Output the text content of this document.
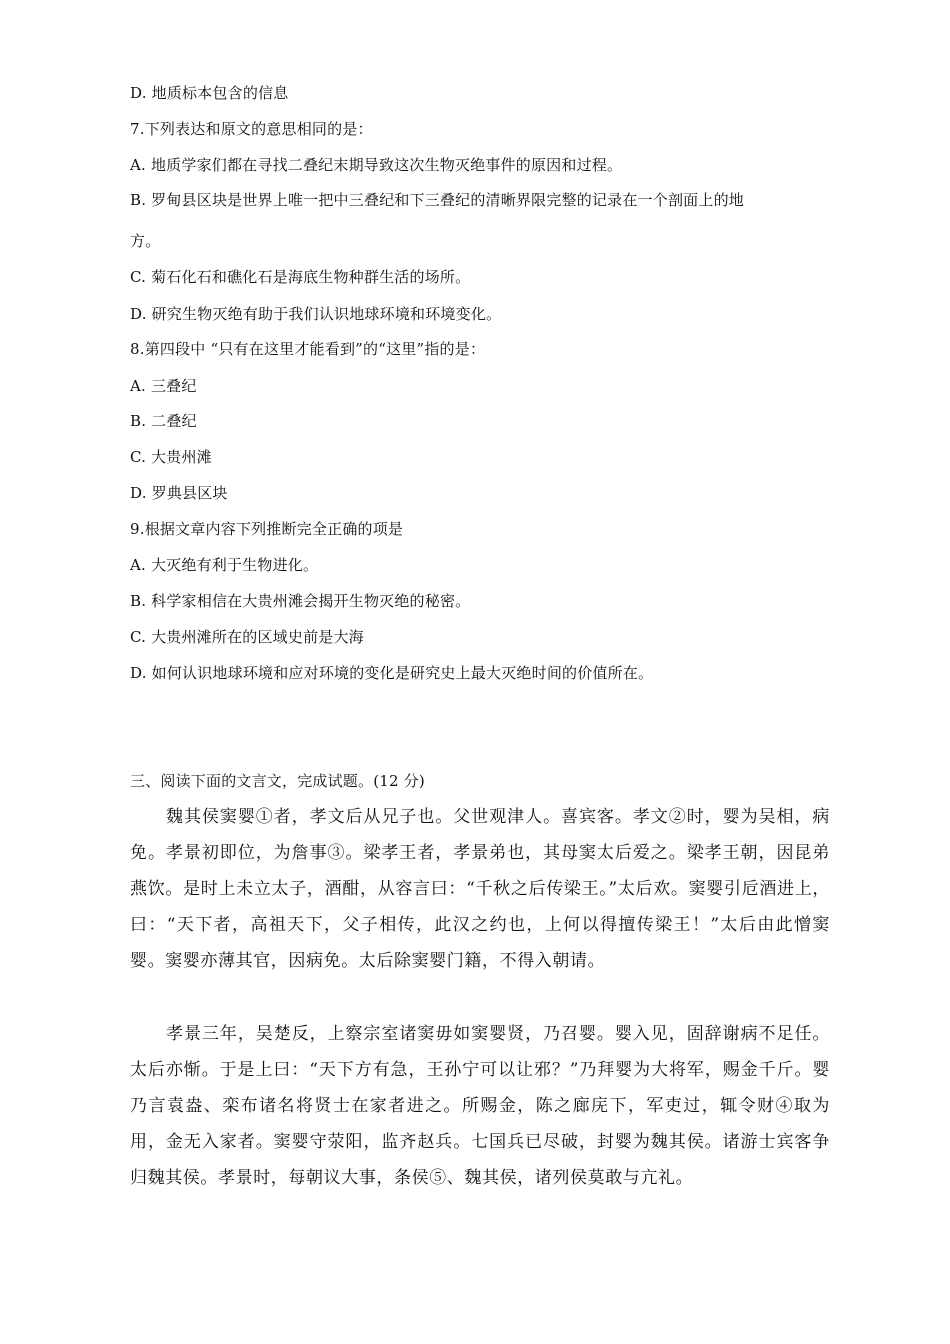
D. 地质标本包含的信息
7.下列表达和原文的意思相同的是：
A. 地质学家们都在寻找二叠纪末期导致这次生物灭绝事件的原因和过程。
B. 罗甸县区块是世界上唯一把中三叠纪和下三叠纪的清晰界限完整的记录在一个剖面上的地
方。
C. 菊石化石和礁化石是海底生物种群生活的场所。
D. 研究生物灭绝有助于我们认识地球环境和环境变化。
8.第四段中 “只有在这里才能看到”的“这里”指的是：
A. 三叠纪
B. 二叠纪
C. 大贵州滩
D. 罗典县区块
9.根据文章内容下列推断完全正确的项是
A. 大灭绝有利于生物进化。
B. 科学家相信在大贵州滩会揭开生物灭绝的秘密。
C. 大贵州滩所在的区域史前是大海
D. 如何认识地球环境和应对环境的变化是研究史上最大灭绝时间的价值所在。
三、阅读下面的文言文，完成试题。(12 分)
魏其侯窦婴①者，孝文后从兄子也。父世观津人。喜宾客。孝文②时，婴为吴相，病免。孝景初即位，为詹事③。梁孝王者，孝景弟也，其母窦太后爱之。梁孝王朝，因昆弟燕饮。是时上未立太子，酒酣，从容言曰：“千秋之后传梁王。”太后欢。窦婴引卮酒进上，曰：“天下者，高祖天下，父子相传，此汉之约也，上何以得擅传梁王！”太后由此憎窦婴。窦婴亦薄其官，因病免。太后除窦婴门籍，不得入朝请。
孝景三年，吴楚反，上察宗室诸窦毋如窦婴贤，乃召婴。婴入见，固辞谢病不足任。太后亦惭。于是上曰：“天下方有急，王孙宁可以让邪？”乃拜婴为大将军，赐金千斤。婴乃言袁盎、栾布诸名将贤士在家者进之。所赐金，陈之廊庑下，军吏过，辄令财④取为用，金无入家者。窦婴守荥阳，监齐赵兵。七国兵已尽破，封婴为魏其侯。诸游士宾客争归魏其侯。孝景时，每朝议大事，条侯⑤、魏其侯，诸列侯莫敢与亢礼。
